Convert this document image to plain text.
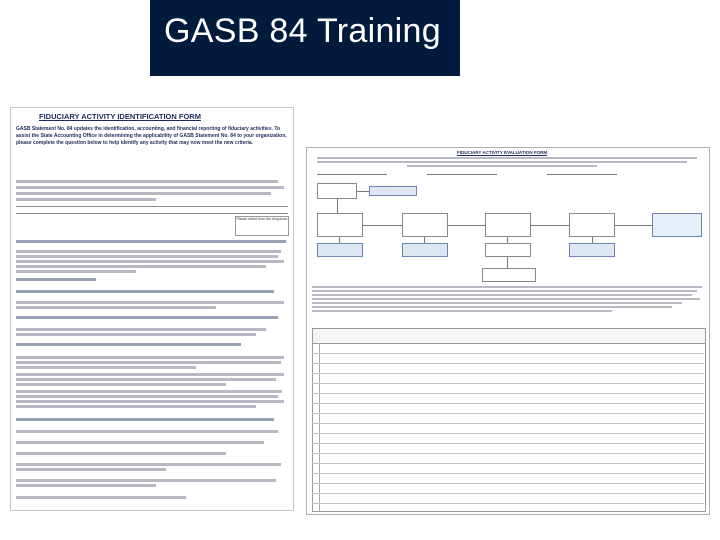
GASB 84 Training
FIDUCIARY ACTIVITY IDENTIFICATION FORM
GASB Statement No. 84 updates the identification, accounting, and financial reporting of fiduciary activities. To assist the State Accounting Office in determining the applicability of GASB Statement No. 84 to your organization, please complete the question below to help identify any activity that may now meet the new criteria.
Please select from the dropdown
FIDUCIARY ACTIVITY EVALUATION FORM
